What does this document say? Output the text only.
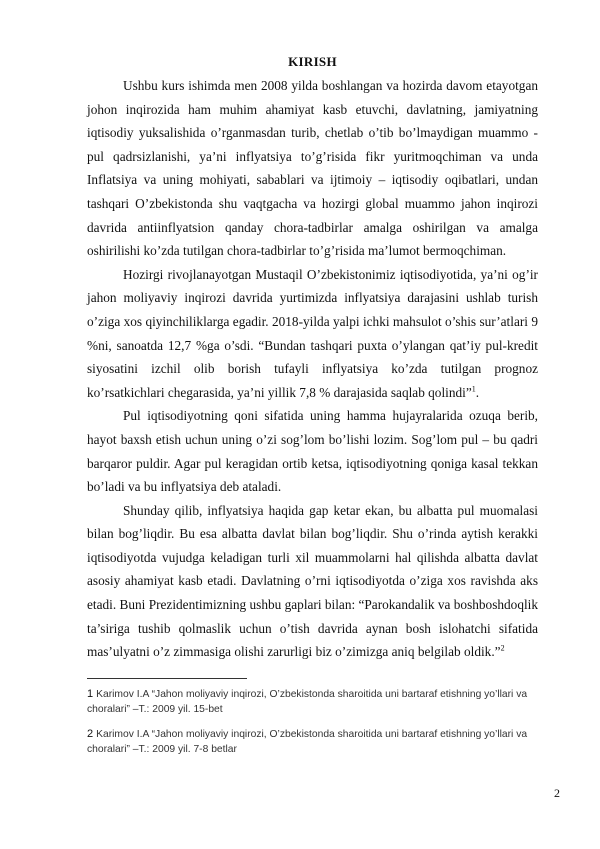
KIRISH

Ushbu kurs ishimda men 2008 yilda boshlangan va hozirda davom etayotgan johon inqirozida ham muhim ahamiyat kasb etuvchi, davlatning, jamiyatning iqtisodiy yuksalishida o’rganmasdan turib, chetlab o’tib bo’lmaydigan muammo - pul qadrsizlanishi, ya’ni inflyatsiya to’g’risida fikr yuritmoqchiman va unda Inflatsiya va uning mohiyati, sabablari va ijtimoiy – iqtisodiy oqibatlari, undan tashqari O’zbekistonda shu vaqtgacha va hozirgi global muammo jahon inqirozi davrida antiinflyatsion qanday chora-tadbirlar amalga oshirilgan va amalga oshirilishi ko’zda tutilgan chora-tadbirlar to’g’risida ma’lumot bermoqchiman.

Hozirgi rivojlanayotgan Mustaqil O’zbekistonimiz iqtisodiyotida, ya’ni og’ir jahon moliyaviy inqirozi davrida yurtimizda inflyatsiya darajasini ushlab turish o’ziga xos qiyinchiliklarga egadir. 2018-yilda yalpi ichki mahsulot o’shis sur’atlari 9 %ni, sanoatda 12,7 %ga o’sdi. “Bundan tashqari puxta o’ylangan qat’iy pul-kredit siyosatini izchil olib borish tufayli inflyatsiya ko’zda tutilgan prognoz ko’rsatkichlari chegarasida, ya’ni yillik 7,8 % darajasida saqlab qolindi”$^1$.

Pul iqtisodiyotning qoni sifatida uning hamma hujayralarida ozuqa berib, hayot baxsh etish uchun uning o’zi sog’lom bo’lishi lozim. Sog’lom pul – bu qadri barqaror puldir. Agar pul keragidan ortib ketsa, iqtisodiyotning qoniga kasal tekkan bo’ladi va bu inflyatsiya deb ataladi.

Shunday qilib, inflyatsiya haqida gap ketar ekan, bu albatta pul muomalasi bilan bog’liqdir. Bu esa albatta davlat bilan bog’liqdir. Shu o’rinda aytish kerakki iqtisodiyotda vujudga keladigan turli xil muammolarni hal qilishda albatta davlat asosiy ahamiyat kasb etadi. Davlatning o’rni iqtisodiyotda o’ziga xos ravishda aks etadi. Buni Prezidentimizning ushbu gaplari bilan: “Parokandalik va boshboshdoqlik ta’siriga tushib qolmaslik uchun o’tish davrida aynan bosh islohatchi sifatida mas’ulyatni o’z zimmasiga olishi zarurligi biz o’zimizga aniq belgilab oldik.”$^2$

1 Karimov I.A “Jahon moliyaviy inqirozi, O’zbekistonda sharoitida uni bartaraf etishning yo’llari va choralari” –T.: 2009 yil. 15-bet

2 Karimov I.A “Jahon moliyaviy inqirozi, O’zbekistonda sharoitida uni bartaraf etishning yo’llari va choralari” –T.: 2009 yil. 7-8 betlar

2
